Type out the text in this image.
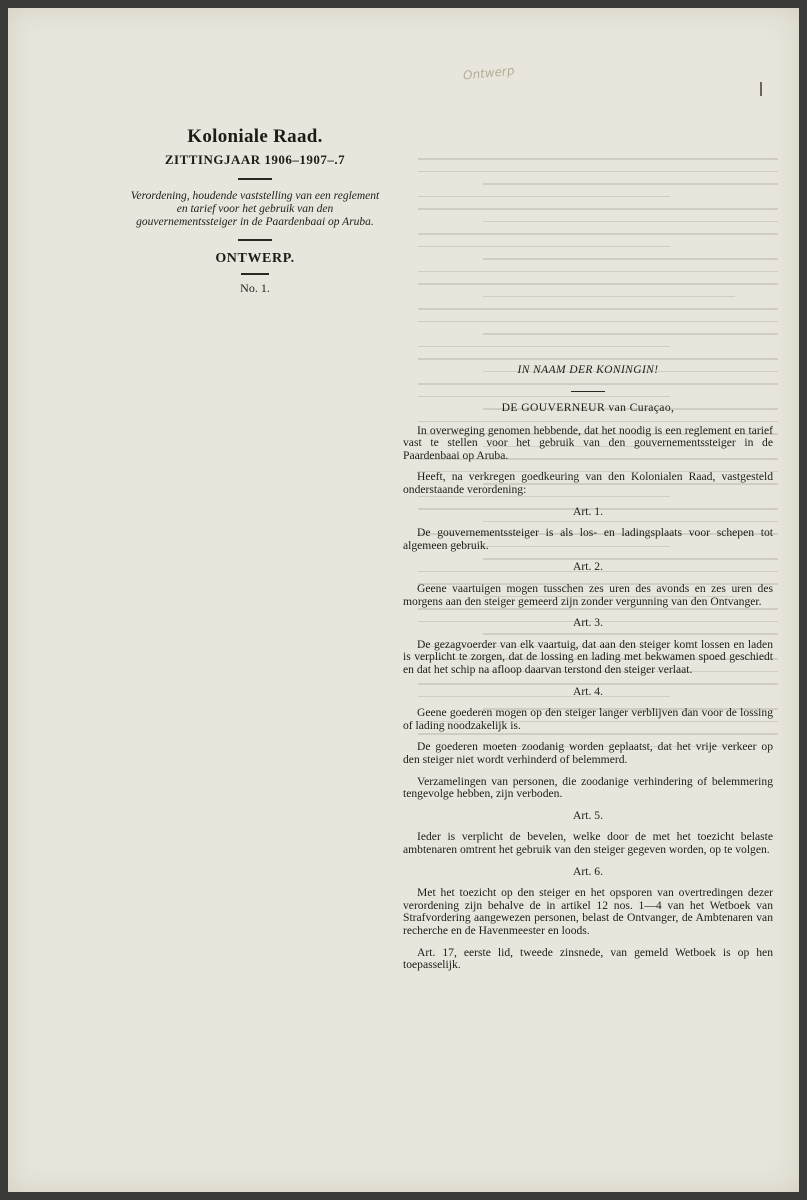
Ontwerp
Koloniale Raad.
ZITTINGJAAR 1906–1907–.7
Verordening, houdende vaststelling van een reglement en tarief voor het gebruik van den gouvernementssteiger in de Paardenbaai op Aruba.
ONTWERP.
No. 1.
IN NAAM DER KONINGIN!
DE GOUVERNEUR van Curaçao,

In overweging genomen hebbende, dat het noodig is een reglement en tarief vast te stellen voor het gebruik van den gouvernementssteiger in de Paardenbaai op Aruba.

Heeft, na verkregen goedkeuring van den Kolonialen Raad, vastgesteld onderstaande verordening:

Art. 1.

De gouvernementssteiger is als los- en ladingsplaats voor schepen tot algemeen gebruik.

Art. 2.

Geene vaartuigen mogen tusschen zes uren des avonds en zes uren des morgens aan den steiger gemeerd zijn zonder vergunning van den Ontvanger.

Art. 3.

De gezagvoerder van elk vaartuig, dat aan den steiger komt lossen en laden is verplicht te zorgen, dat de lossing en lading met bekwamen spoed geschiedt en dat het schip na afloop daarvan terstond den steiger verlaat.

Art. 4.

Geene goederen mogen op den steiger langer verblijven dan voor de lossing of lading noodzakelijk is.

De goederen moeten zoodanig worden geplaatst, dat het vrije verkeer op den steiger niet wordt verhinderd of belemmerd.

Verzamelingen van personen, die zoodanige verhindering of belemmering tengevolge hebben, zijn verboden.

Art. 5.

Ieder is verplicht de bevelen, welke door de met het toezicht belaste ambtenaren omtrent het gebruik van den steiger gegeven worden, op te volgen.

Art. 6.

Met het toezicht op den steiger en het opsporen van overtredingen dezer verordening zijn behalve de in artikel 12 nos. 1—4 van het Wetboek van Strafvordering aangewezen personen, belast de Ontvanger, de Ambtenaren van recherche en de Havenmeester en loods.

Art. 17, eerste lid, tweede zinsnede, van gemeld Wetboek is op hen toepasselijk.
